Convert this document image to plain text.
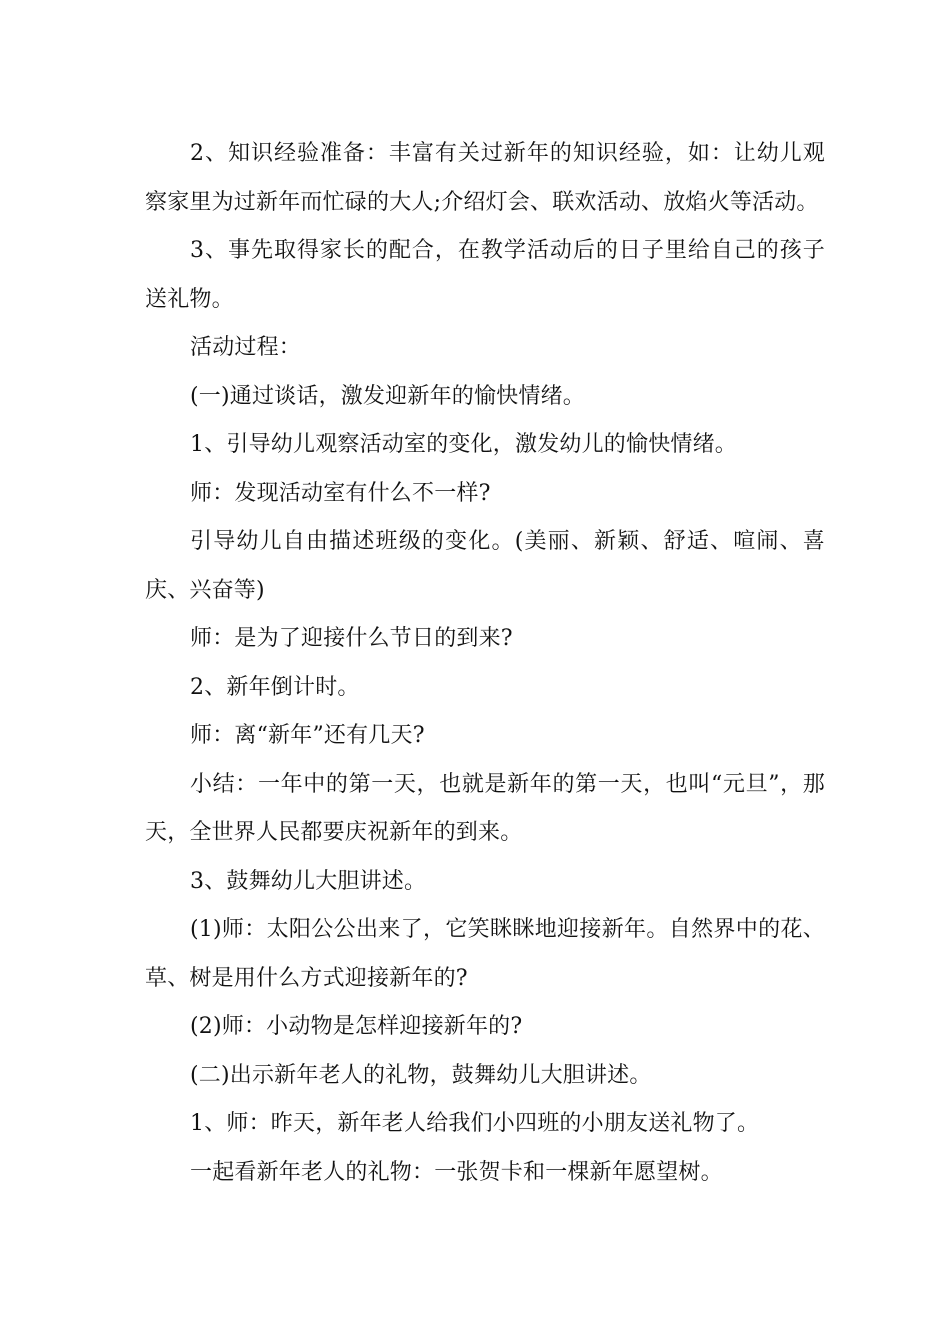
2、知识经验准备：丰富有关过新年的知识经验，如：让幼儿观察家里为过新年而忙碌的大人;介绍灯会、联欢活动、放焰火等活动。

3、事先取得家长的配合，在教学活动后的日子里给自己的孩子送礼物。

活动过程：

(一)通过谈话，激发迎新年的愉快情绪。

1、引导幼儿观察活动室的变化，激发幼儿的愉快情绪。

师：发现活动室有什么不一样?

引导幼儿自由描述班级的变化。(美丽、新颖、舒适、喧闹、喜庆、兴奋等)

师：是为了迎接什么节日的到来?

2、新年倒计时。

师：离“新年”还有几天?

小结：一年中的第一天，也就是新年的第一天，也叫“元旦”，那天，全世界人民都要庆祝新年的到来。

3、鼓舞幼儿大胆讲述。

(1)师：太阳公公出来了，它笑眯眯地迎接新年。自然界中的花、草、树是用什么方式迎接新年的?

(2)师：小动物是怎样迎接新年的?

(二)出示新年老人的礼物，鼓舞幼儿大胆讲述。

1、师：昨天，新年老人给我们小四班的小朋友送礼物了。

一起看新年老人的礼物：一张贺卡和一棵新年愿望树。
